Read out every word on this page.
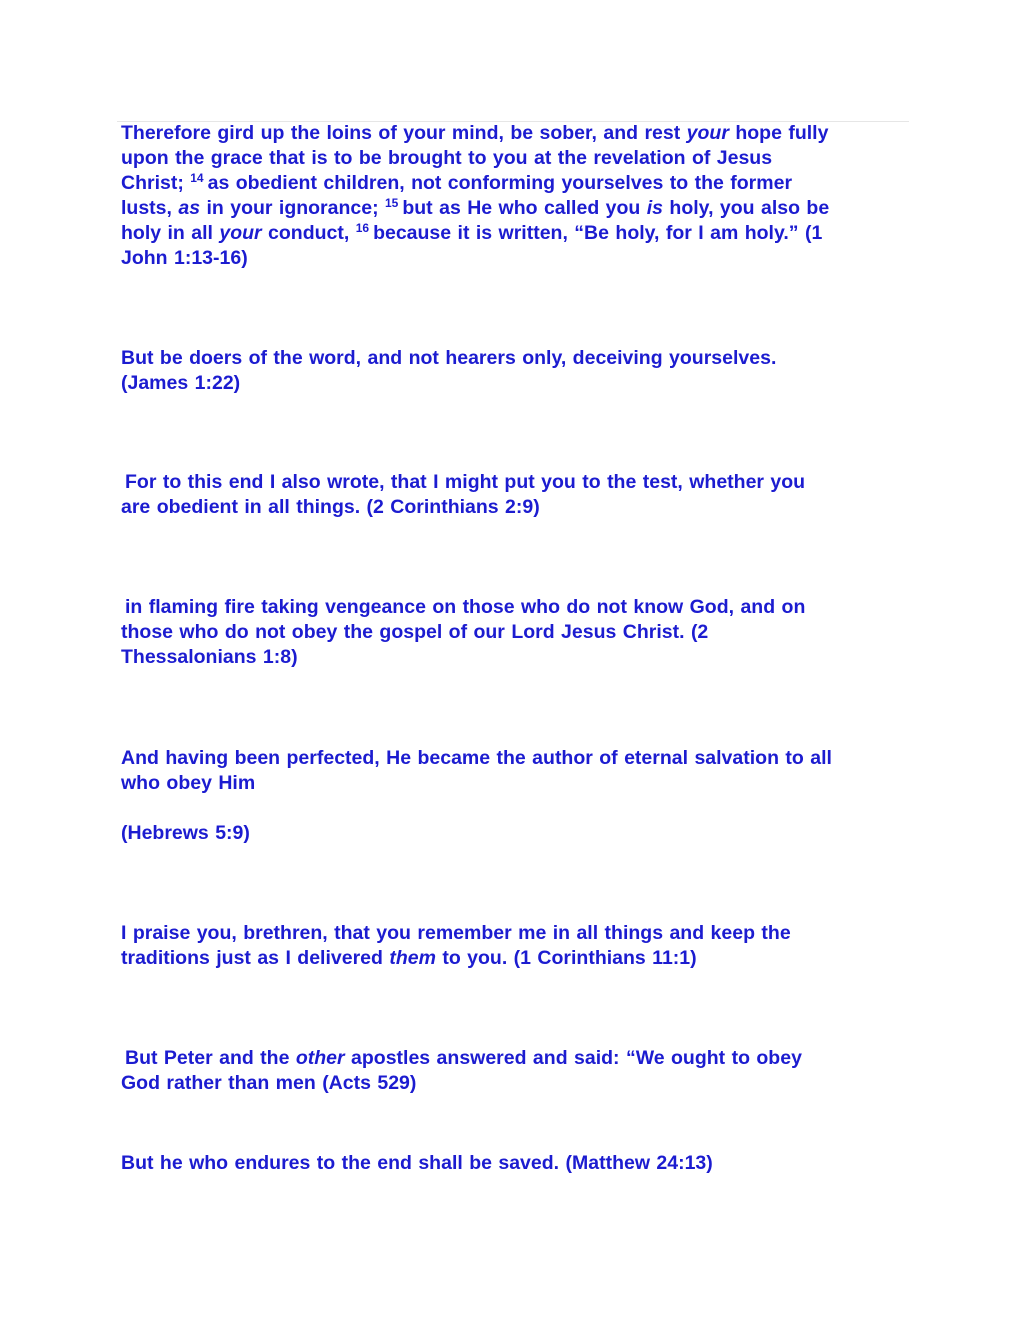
Therefore gird up the loins of your mind, be sober, and rest your hope fully
upon the grace that is to be brought to you at the revelation of Jesus
Christ; $^{14}$ as obedient children, not conforming yourselves to the former
lusts, as in your ignorance; $^{15}$ but as He who called you is holy, you also be
holy in all your conduct, $^{16}$ because it is written, “Be holy, for I am holy.” (1
John 1:13-16)
But be doers of the word, and not hearers only, deceiving yourselves.
(James 1:22)
For to this end I also wrote, that I might put you to the test, whether you
are obedient in all things. (2 Corinthians 2:9)
in flaming fire taking vengeance on those who do not know God, and on
those who do not obey the gospel of our Lord Jesus Christ. (2
Thessalonians 1:8)
And having been perfected, He became the author of eternal salvation to all
who obey Him
(Hebrews 5:9)
I praise you, brethren, that you remember me in all things and keep the
traditions just as I delivered them to you. (1 Corinthians 11:1)
But Peter and the other apostles answered and said: “We ought to obey
God rather than men (Acts 529)
But he who endures to the end shall be saved. (Matthew 24:13)
